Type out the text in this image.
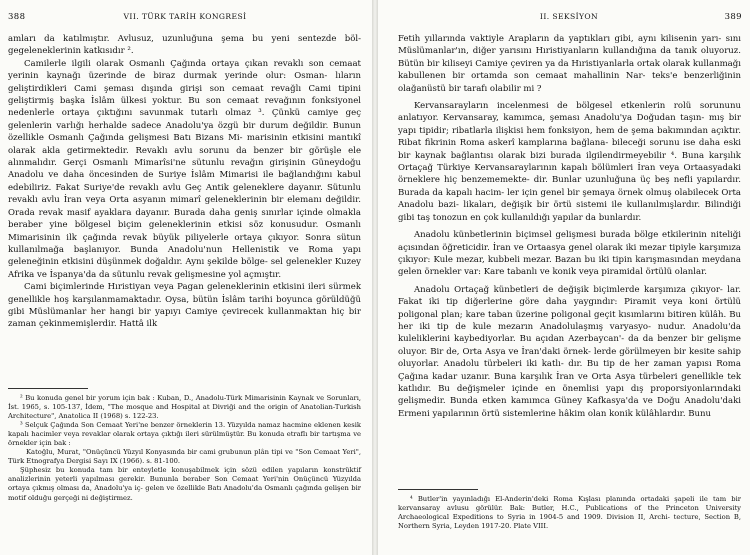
388	VII. TÜRK TARİH KONGRESİ

amları da katılmıştır. Avlusuz, uzunluğuna şema bu yeni sentezde böl- gegeleneklerinin katkısıdır ².

Camilerle ilgili olarak Osmanlı Çağında ortaya çıkan revaklı son cemaat yerinin kaynağı üzerinde de biraz durmak yerinde olur: Osman- lıların geliştirdikleri Cami şeması dışında girişi son cemaat revağlı Cami tipini geliştirmiş başka İslâm ülkesi yoktur. Bu son cemaat revağının fonksiyonel nedenlerle ortaya çıktığını savunmak tutarlı olmaz ³. Çünkü camiye geç gelenlerin varlığı herhalde sadece Anadolu'ya özgü bir durum değildir. Bunun özellikle Osmanlı Çağında gelişmesi Batı Bizans Mi- marisinin etkisini mantıkî olarak akla getirmektedir. Revaklı avlu sorunu da benzer bir görüşle ele alınmalıdır. Gerçi Osmanlı Mimarîsi'ne sütunlu revağın girişinin Güneydoğu Anadolu ve daha öncesinden de Suriye İslâm Mimarisi ile bağlandığını kabul edebiliriz. Fakat Suriye'de revaklı avlu Geç Antik geleneklere dayanır. Sütunlu revaklı avlu İran veya Orta asyanın mimarî geleneklerinin bir elemanı değildir. Orada revak masif ayaklara dayanır. Burada daha geniş sınırlar içinde olmakla beraber yine bölgesel biçim geleneklerinin etkisi söz konusudur. Osmanlı Mimarisinin ilk çağında revak büyük piliyelerle ortaya çıkıyor. Sonra sütun kullanılmağa başlanıyor. Bunda Anadolu'nun Hellenistik ve Roma yapı geleneğinin etkisini düşünmek doğaldır. Aynı şekilde bölge- sel gelenekler Kuzey Afrika ve İspanya'da da sütunlu revak gelişmesine yol açmıştır.

Cami biçimlerinde Hıristiyan veya Pagan geleneklerinin etkisini ileri sürmek genellikle hoş karşılanmamaktadır. Oysa, bütün İslâm tarihi boyunca görüldüğü gibi Müslümanlar her hangi bir yapıyı Camiye çevirecek kullanmaktan hiç bir zaman çekinmemişlerdir. Hattâ ilk

² Bu konuda genel bir yorum için bak : Kuban, D., Anadolu-Türk Mimarisinin Kaynak ve Sorunları, İst. 1965, s. 105-137, İdem, "The mosque and Hospital at Divriği and the origin of Anatolian-Turkish Architecture", Anatolica II (1968) s. 122-23.

³ Selçuk Çağında Son Cemaat Yeri'ne benzer örneklerin 13. Yüzyılda namaz hacmine eklenen kesik kapalı hacimler veya revaklar olarak ortaya çıktığı ileri sürülmüştür. Bu konuda etraflı bir tartışma ve örnekler için bak :

Katoğlu, Murat, "Onüçüncü Yüzyıl Konyasında bir cami grubunun plân tipi ve "Son Cemaat Yeri", Türk Etnografya Dergisi Sayı IX (1966). s. 81-100.

Şüphesiz bu konuda tam bir enteyletle konuşabilmek için sözü edilen yapıların konstrüktif analizlerinin yeterli yapılması gerekir. Bununla beraber Son Cemaat Yeri'nin Onüçüncü Yüzyılda ortaya çıkmış olması da, Anadolu'ya iç- gelen ve özellikle Batı Anadolu'da Osmanlı çağında gelişen bir motif olduğu gerçeği ni değiştirmez.

II. SEKSİYON	389

Fetih yıllarında vaktiyle Arapların da yaptıkları gibi, aynı kilisenin yarı- sını Müslümanlar'ın, diğer yarısını Hıristiyanların kullandığına da tanık oluyoruz. Bütün bir kiliseyi Camiye çeviren ya da Hıristiyanlarla ortak olarak kullanmağı kabullenen bir ortamda son cemaat mahallinin Nar- teks'e benzerliğinin olağanüstü bir tarafı olabilir mi ?

Kervansarayların incelenmesi de bölgesel etkenlerin rolü sorununu anlatıyor. Kervansaray, kamımca, şeması Anadolu'ya Doğudan taşın- mış bir yapı tipidir; ribatlarla ilişkisi hem fonksiyon, hem de şema bakımından açıktır. Ribat fikrinin Roma askerî kamplarına bağlana- bileceği sorunu ise daha eski bir kaynak bağlantısı olarak bizi burada ilgilendirmeyebilir ⁴. Buna karşılık Ortaçağ Türkiye Kervansaraylarının kapalı bölümleri İran veya Ortaasyadaki örneklere hiç benzememekte- dir. Bunlar uzunluğuna üç beş nefli yapılardır. Burada da kapalı hacim- ler için genel bir şemaya örnek olmuş olabilecek Orta Anadolu bazi- likaları, değişik bir örtü sistemi ile kullanılmışlardır. Bilindiği gibi taş tonozun en çok kullanıldığı yapılar da bunlardır.

Anadolu künbetlerinin biçimsel gelişmesi burada bölge etkilerinin niteliği açısından öğreticidir. İran ve Ortaasya genel olarak iki mezar tipiyle karşımıza çıkıyor: Kule mezar, kubbeli mezar. Bazan bu iki tipin karışmasından meydana gelen örnekler var: Kare tabanlı ve konik veya piramidal örtülü olanlar.

Anadolu Ortaçağ künbetleri de değişik biçimlerde karşımıza çıkıyor- lar. Fakat iki tip diğerlerine göre daha yaygındır: Piramit veya koni örtülü poligonal plan; kare taban üzerine poligonal geçit kısımlarını bitiren külâh. Bu her iki tip de kule mezarın Anadolulaşmış varyasyo- nudur. Anadolu'da kuleliklerini kaybediyorlar. Bu açıdan Azerbaycan'- da da benzer bir gelişme oluyor. Bir de, Orta Asya ve İran'daki örnek- lerde görülmeyen bir kesite sahip oluyorlar. Anadolu türbeleri iki katlı- dır. Bu tip de her zaman yapısı Roma Çağına kadar uzanır. Buna karşılık İran ve Orta Asya türbeleri genellikle tek katlıdır. Bu değişmeler içinde en önemlisi yapı dış proporsiyonlarındaki gelişmedir. Bunda etken kamımca Güney Kafkasya'da ve Doğu Anadolu'daki Ermeni yapılarının örtü sistemlerine hâkim olan konik külâhlardır. Bunu

⁴ Butler'in yayınladığı El-Anderin'deki Roma Kışlası planında ortadaki şapeli ile tam bir kervansaray avlusu görülür. Bak: Butler, H.C., Publications of the Princeton University Archaeological Expeditions to Syria in 1904-5 and 1909. Division II, Archi- tecture, Section B, Northern Syria, Leyden 1917-20. Plate VIII.
